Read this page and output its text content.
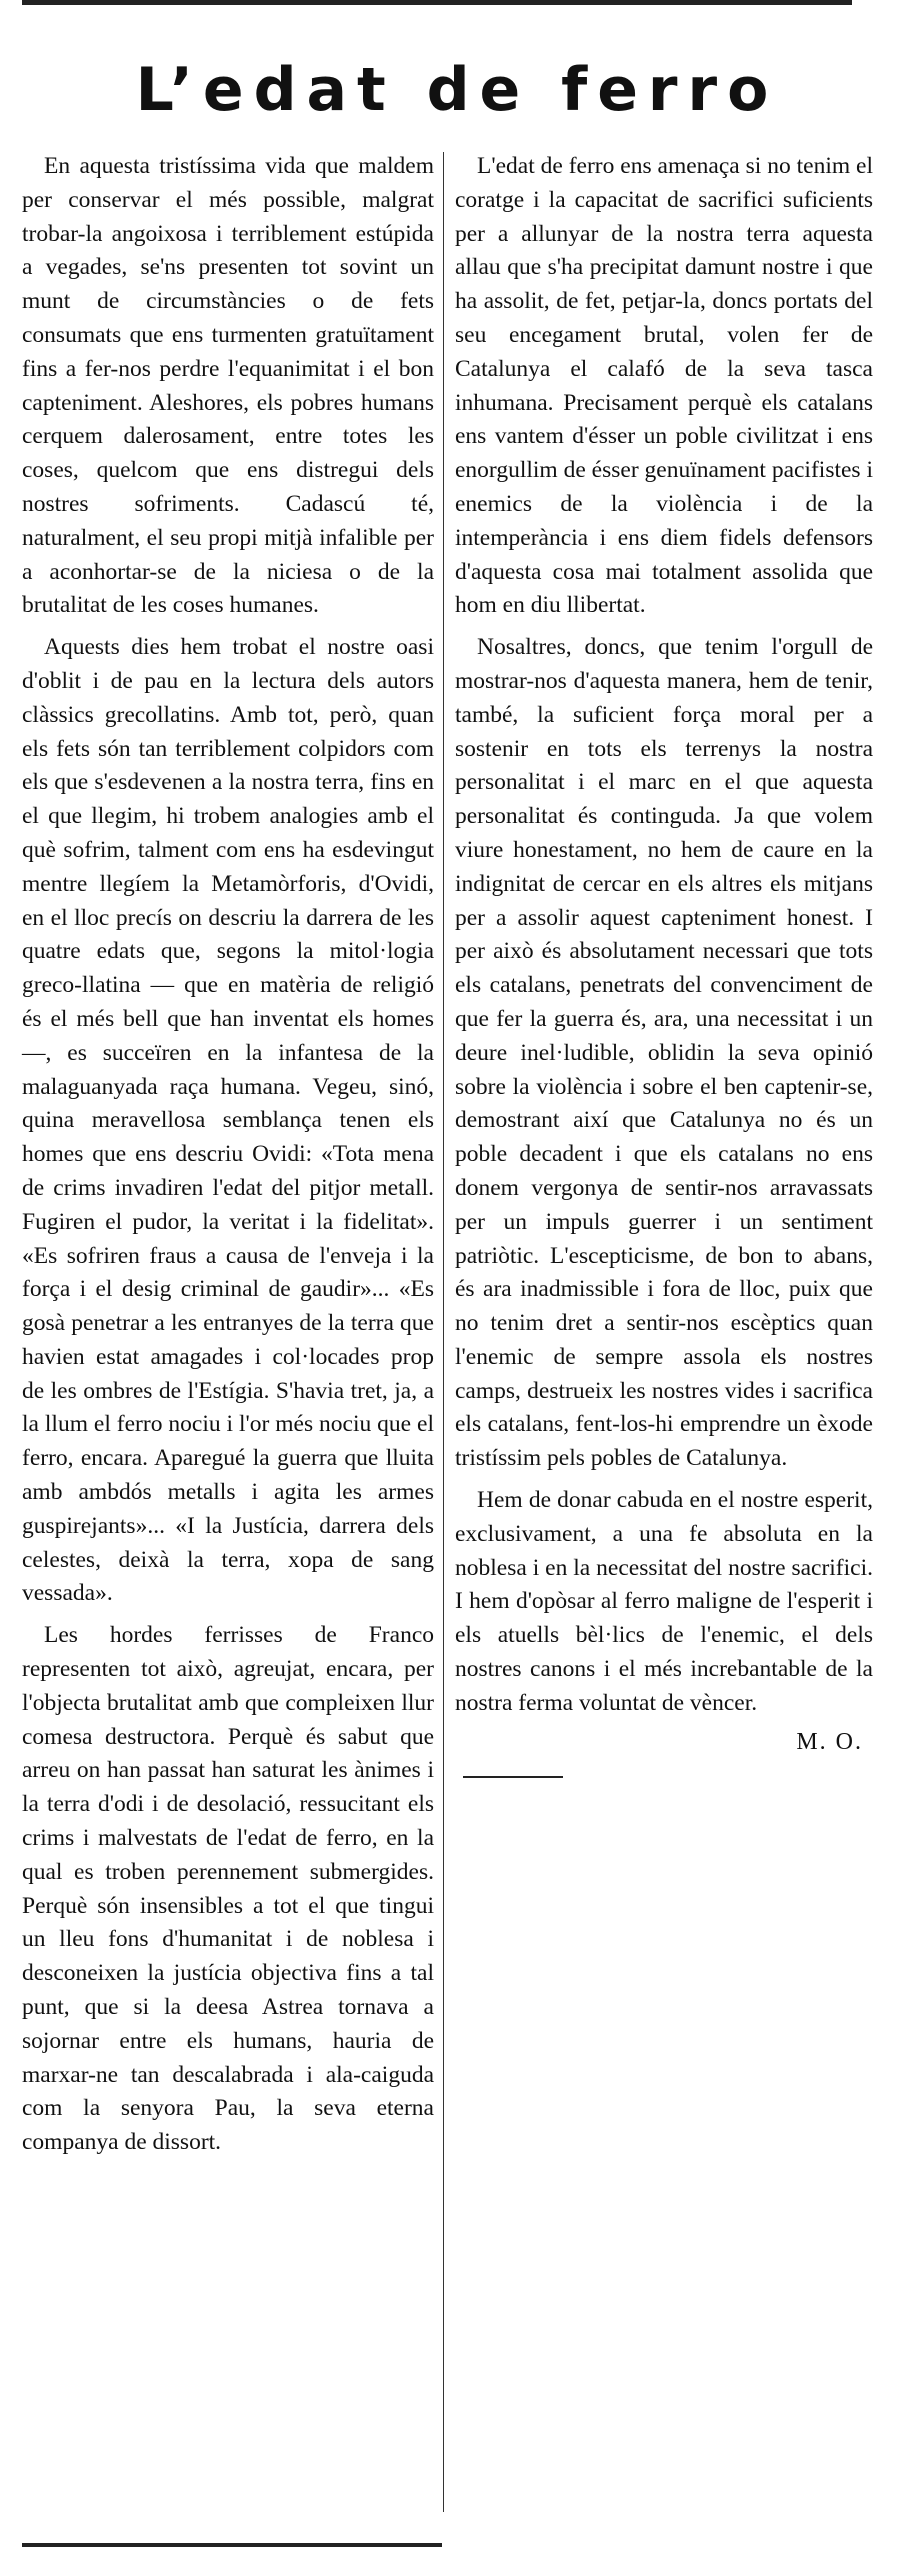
L’edat de ferro

En aquesta tristíssima vida que maldem per conservar el més possible, malgrat trobar-la angoixosa i terriblement estúpida a vegades, se'ns presenten tot sovint un munt de circumstàncies o de fets consumats que ens turmenten gratuïtament fins a fer-nos perdre l'equanimitat i el bon capteniment. Aleshores, els pobres humans cerquem dalerosament, entre totes les coses, quelcom que ens distregui dels nostres sofriments. Cadascú té, naturalment, el seu propi mitjà infalible per a aconhortar-se de la niciesa o de la brutalitat de les coses humanes.

Aquests dies hem trobat el nostre oasi d'oblit i de pau en la lectura dels autors clàssics grecollatins. Amb tot, però, quan els fets són tan terriblement colpidors com els que s'esdevenen a la nostra terra, fins en el que llegim, hi trobem analogies amb el què sofrim, talment com ens ha esdevingut mentre llegíem la Metamòrforis, d'Ovidi, en el lloc precís on descriu la darrera de les quatre edats que, segons la mitol·logia greco-llatina — que en matèria de religió és el més bell que han inventat els homes —, es succeïren en la infantesa de la malaguanyada raça humana. Vegeu, sinó, quina meravellosa semblança tenen els homes que ens descriu Ovidi: «Tota mena de crims invadiren l'edat del pitjor metall. Fugiren el pudor, la veritat i la fidelitat». «Es sofriren fraus a causa de l'enveja i la força i el desig criminal de gaudir»... «Es gosà penetrar a les entranyes de la terra que havien estat amagades i col·locades prop de les ombres de l'Estígia. S'havia tret, ja, a la llum el ferro nociu i l'or més nociu que el ferro, encara. Aparegué la guerra que lluita amb ambdós metalls i agita les armes guspirejants»... «I la Justícia, darrera dels celestes, deixà la terra, xopa de sang vessada».

Les hordes ferrisses de Franco representen tot això, agreujat, encara, per l'objecta brutalitat amb que compleixen llur comesa destructora. Perquè és sabut que arreu on han passat han saturat les ànimes i la terra d'odi i de desolació, ressucitant els crims i malvestats de l'edat de ferro, en la qual es troben perennement submergides. Perquè són insensibles a tot el que tingui un lleu fons d'humanitat i de noblesa i desconeixen la justícia objectiva fins a tal punt, que si la deesa Astrea tornava a sojornar entre els humans, hauria de marxar-ne tan descalabrada i ala-caiguda com la senyora Pau, la seva eterna companya de dissort.

L'edat de ferro ens amenaça si no tenim el coratge i la capacitat de sacrifici suficients per a allunyar de la nostra terra aquesta allau que s'ha precipitat damunt nostre i que ha assolit, de fet, petjar-la, doncs portats del seu encegament brutal, volen fer de Catalunya el calafó de la seva tasca inhumana. Precisament perquè els catalans ens vantem d'ésser un poble civilitzat i ens enorgullim de ésser genuïnament pacifistes i enemics de la violència i de la intemperància i ens diem fidels defensors d'aquesta cosa mai totalment assolida que hom en diu llibertat.

Nosaltres, doncs, que tenim l'orgull de mostrar-nos d'aquesta manera, hem de tenir, també, la suficient força moral per a sostenir en tots els terrenys la nostra personalitat i el marc en el que aquesta personalitat és continguda. Ja que volem viure honestament, no hem de caure en la indignitat de cercar en els altres els mitjans per a assolir aquest capteniment honest. I per això és absolutament necessari que tots els catalans, penetrats del convenciment de que fer la guerra és, ara, una necessitat i un deure inel·ludible, oblidin la seva opinió sobre la violència i sobre el ben captenir-se, demostrant així que Catalunya no és un poble decadent i que els catalans no ens donem vergonya de sentir-nos arravassats per un impuls guerrer i un sentiment patriòtic. L'escepticisme, de bon to abans, és ara inadmissible i fora de lloc, puix que no tenim dret a sentir-nos escèptics quan l'enemic de sempre assola els nostres camps, destrueix les nostres vides i sacrifica els catalans, fent-los-hi emprendre un èxode tristíssim pels pobles de Catalunya.

Hem de donar cabuda en el nostre esperit, exclusivament, a una fe absoluta en la noblesa i en la necessitat del nostre sacrifici. I hem d'opòsar al ferro maligne de l'esperit i els atuells bèl·lics de l'enemic, el dels nostres canons i el més increbantable de la nostra ferma voluntat de vèncer.

M. O.
